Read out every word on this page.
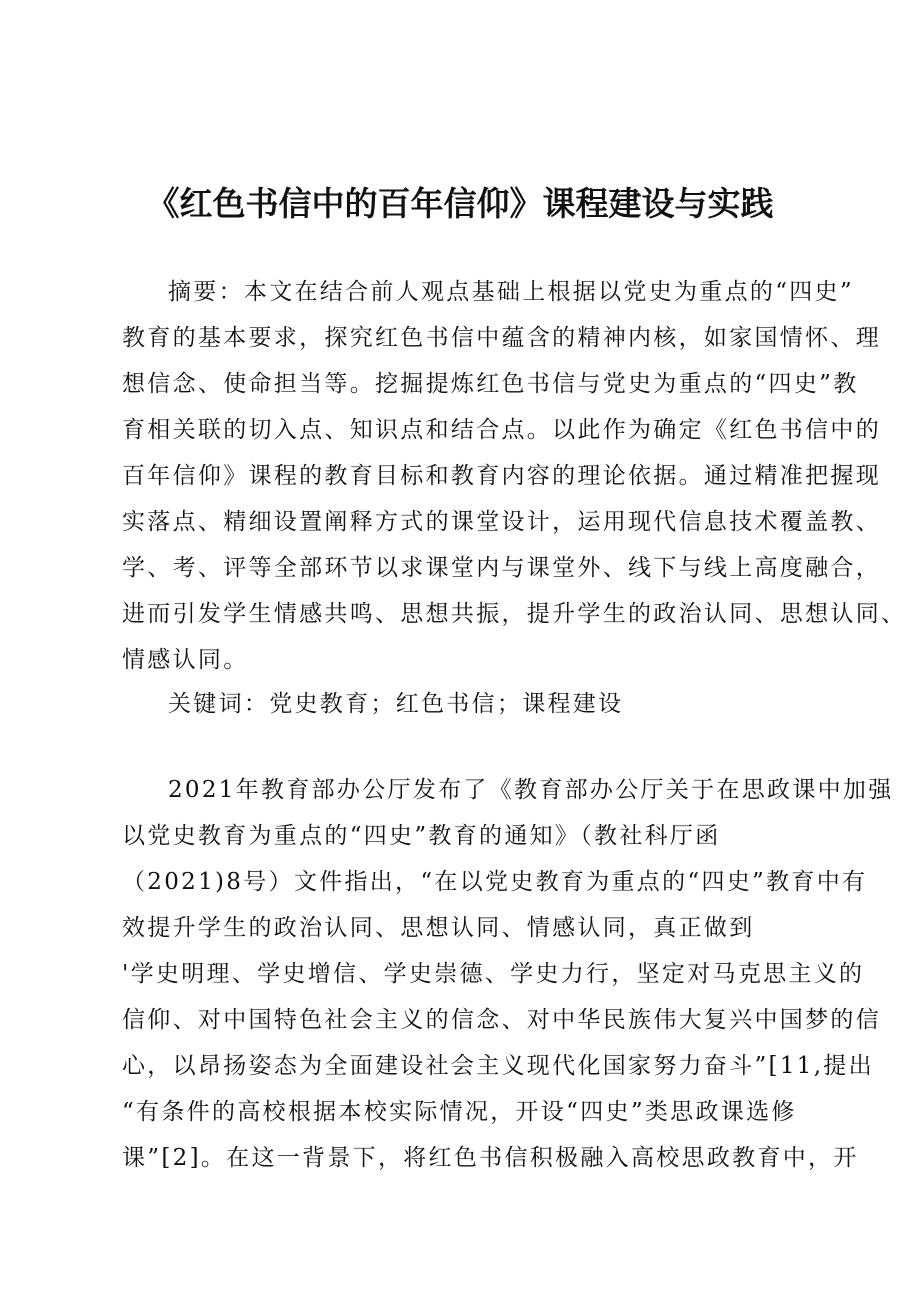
《红色书信中的百年信仰》课程建设与实践
摘要：本文在结合前人观点基础上根据以党史为重点的“四史”
教育的基本要求，探究红色书信中蕴含的精神内核，如家国情怀、理
想信念、使命担当等。挖掘提炼红色书信与党史为重点的“四史”教
育相关联的切入点、知识点和结合点。以此作为确定《红色书信中的
百年信仰》课程的教育目标和教育内容的理论依据。通过精准把握现
实落点、精细设置阐释方式的课堂设计，运用现代信息技术覆盖教、
学、考、评等全部环节以求课堂内与课堂外、线下与线上高度融合，
进而引发学生情感共鸣、思想共振，提升学生的政治认同、思想认同、
情感认同。
关键词：党史教育；红色书信；课程建设
2021年教育部办公厅发布了《教育部办公厅关于在思政课中加强
以党史教育为重点的“四史”教育的通知》（教社科厅函
（2021)8号）文件指出，“在以党史教育为重点的“四史”教育中有
效提升学生的政治认同、思想认同、情感认同，真正做到
'学史明理、学史增信、学史崇德、学史力行，坚定对马克思主义的
信仰、对中国特色社会主义的信念、对中华民族伟大复兴中国梦的信
心，以昂扬姿态为全面建设社会主义现代化国家努力奋斗”[11,提出
“有条件的高校根据本校实际情况，开设“四史”类思政课选修
课”[2]。在这一背景下，将红色书信积极融入高校思政教育中，开
